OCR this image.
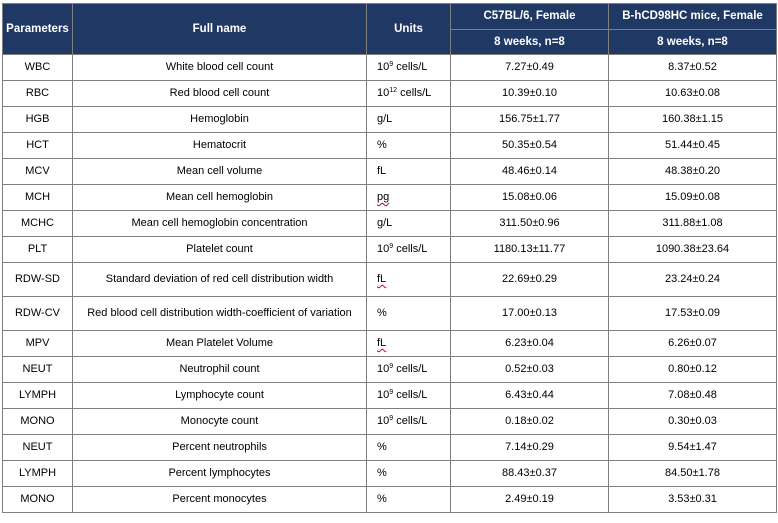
Parameters	Full name	Units	C57BL/6, Female	B-hCD98HC mice, Female
			8 weeks, n=8	8 weeks, n=8
WBC	White blood cell count	$10^9$ cells/L	7.27±0.49	8.37±0.52
RBC	Red blood cell count	$10^{12}$ cells/L	10.39±0.10	10.63±0.08
HGB	Hemoglobin	g/L	156.75±1.77	160.38±1.15
HCT	Hematocrit	%	50.35±0.54	51.44±0.45
MCV	Mean cell volume	fL	48.46±0.14	48.38±0.20
MCH	Mean cell hemoglobin	pg	15.08±0.06	15.09±0.08
MCHC	Mean cell hemoglobin concentration	g/L	311.50±0.96	311.88±1.08
PLT	Platelet count	$10^9$ cells/L	1180.13±11.77	1090.38±23.64
RDW-SD	Standard deviation of red cell distribution width	fL	22.69±0.29	23.24±0.24
RDW-CV	Red blood cell distribution width-coefficient of variation	%	17.00±0.13	17.53±0.09
MPV	Mean Platelet Volume	fL	6.23±0.04	6.26±0.07
NEUT	Neutrophil count	$10^9$ cells/L	0.52±0.03	0.80±0.12
LYMPH	Lymphocyte count	$10^9$ cells/L	6.43±0.44	7.08±0.48
MONO	Monocyte count	$10^9$ cells/L	0.18±0.02	0.30±0.03
NEUT	Percent neutrophils	%	7.14±0.29	9.54±1.47
LYMPH	Percent lymphocytes	%	88.43±0.37	84.50±1.78
MONO	Percent monocytes	%	2.49±0.19	3.53±0.31
